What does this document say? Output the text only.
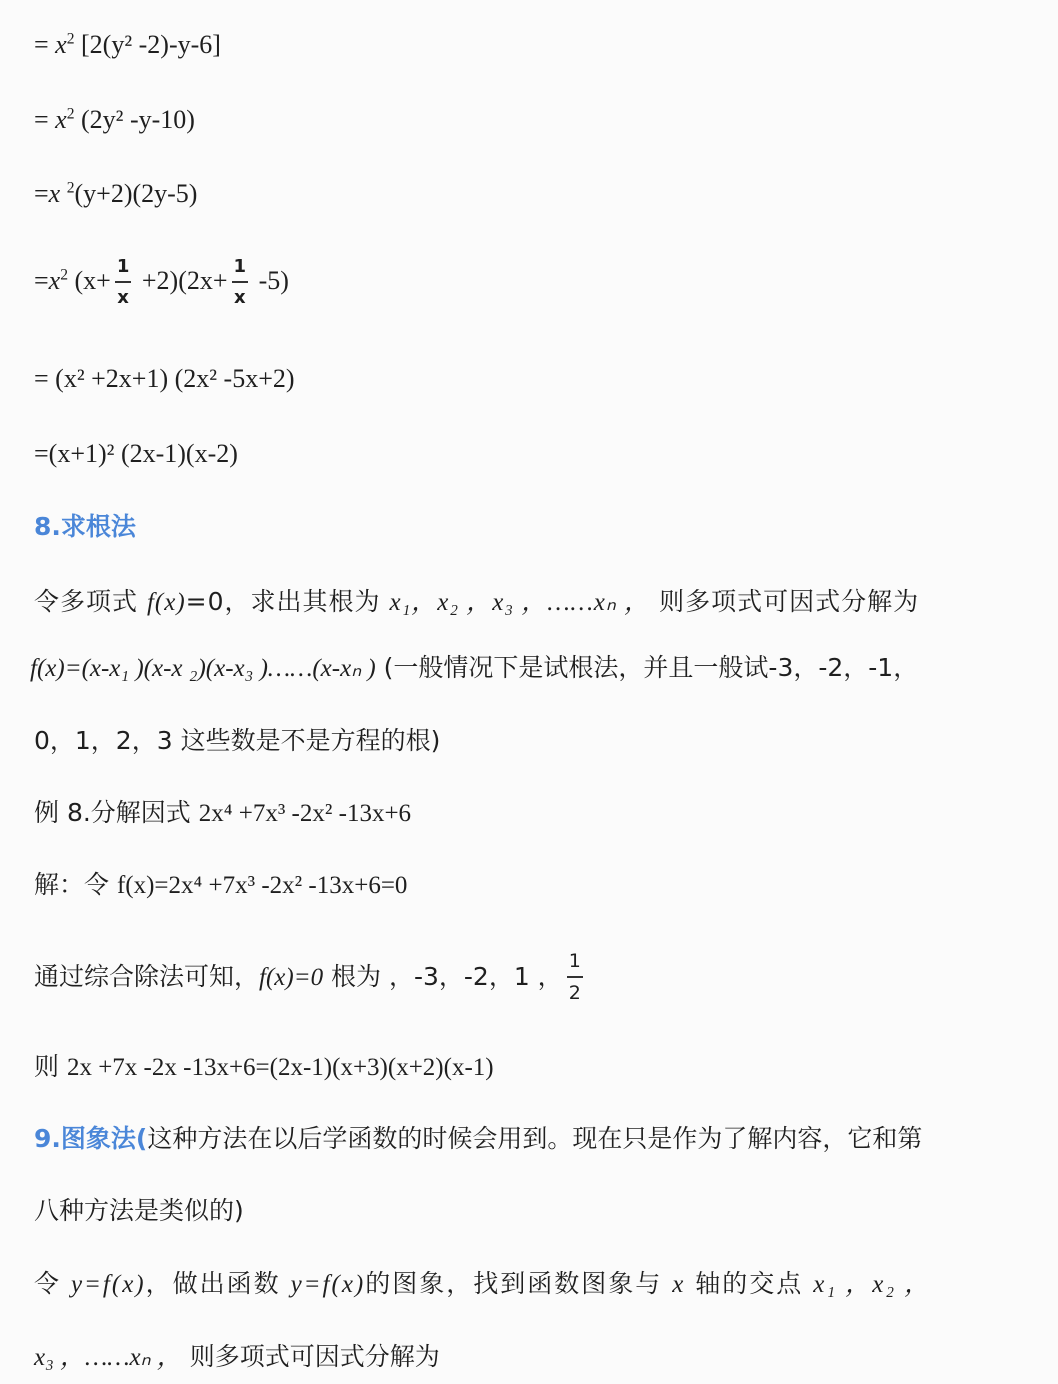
= $x^2$ [2(y² -2)-y-6]
= $x^2$ (2y² -y-10)
=x $^2$(y+2)(2y-5)
$=x^2$ $(x+ \frac{1}{x} +2)(2x+ \frac{1}{x} -5)$
= (x² +2x+1) (2x² -5x+2)
=(x+1)² (2x-1)(x-2)
8.求根法
令多项式 f(x)=0，求出其根为 x₁，x₂ ，x₃ ，……xₙ ， 则多项式可因式分解为
f(x)=(x-x₁ )(x-x ₂)(x-x₃ )……(x-xₙ ) (一般情况下是试根法，并且一般试-3，-2，-1，
0，1，2，3 这些数是不是方程的根)
例 8.分解因式 2x⁴ +7x³ -2x² -13x+6
解：令 f(x)=2x⁴ +7x³ -2x² -13x+6=0
通过综合除法可知，f(x)=0 根为 ，-3，-2，1 ， $\frac{1}{2}$
则 2x +7x -2x -13x+6=(2x-1)(x+3)(x+2)(x-1)
9.图象法(这种方法在以后学函数的时候会用到。现在只是作为了解内容，它和第
八种方法是类似的)
令 y=f(x)，做出函数 y=f(x)的图象，找到函数图象与 x 轴的交点 x₁ ，x₂ ，
x₃ ，……xₙ ， 则多项式可因式分解为
